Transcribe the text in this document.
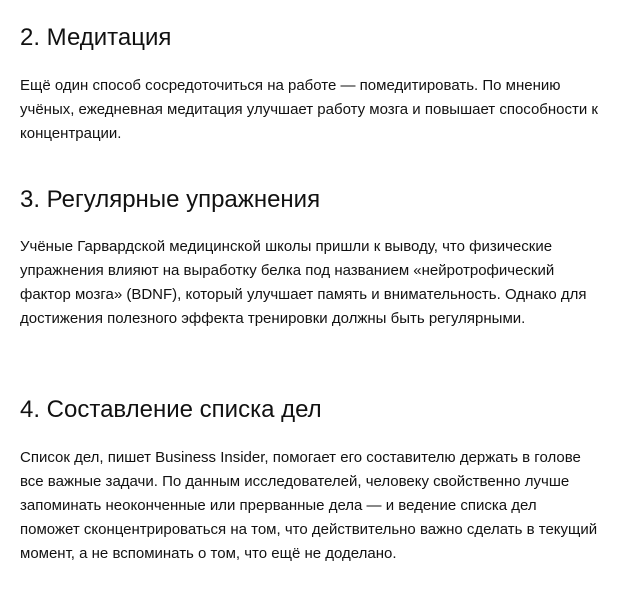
2. Медитация

Ещё один способ сосредоточиться на работе — помедитировать. По мнению учёных, ежедневная медитация улучшает работу мозга и повышает способности к концентрации.

3. Регулярные упражнения

Учёные Гарвардской медицинской школы пришли к выводу, что физические упражнения влияют на выработку белка под названием «нейротрофический фактор мозга» (BDNF), который улучшает память и внимательность. Однако для достижения полезного эффекта тренировки должны быть регулярными.

4. Составление списка дел

Список дел, пишет Business Insider, помогает его составителю держать в голове все важные задачи. По данным исследователей, человеку свойственно лучше запоминать неоконченные или прерванные дела — и ведение списка дел поможет сконцентрироваться на том, что действительно важно сделать в текущий момент, а не вспоминать о том, что ещё не доделано.
